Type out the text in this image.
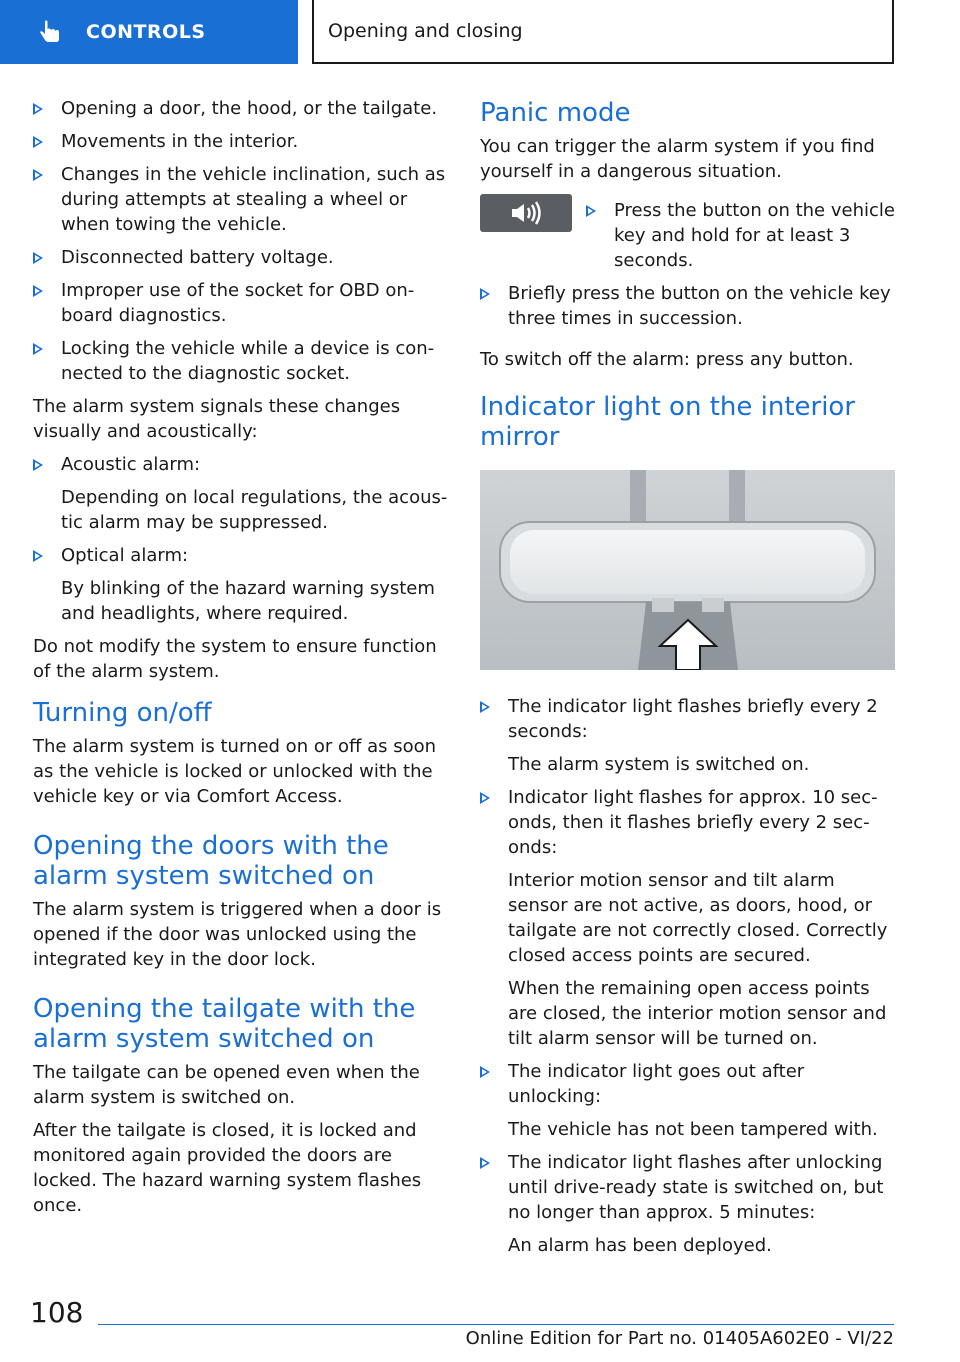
CONTROLS	Opening and closing
Opening a door, the hood, or the tailgate.
Movements in the interior.
Changes in the vehicle inclination, such as during attempts at stealing a wheel or when towing the vehicle.
Disconnected battery voltage.
Improper use of the socket for OBD on-board diagnostics.
Locking the vehicle while a device is connected to the diagnostic socket.

The alarm system signals these changes visually and acoustically:

Acoustic alarm:
Depending on local regulations, the acoustic alarm may be suppressed.
Optical alarm:
By blinking of the hazard warning system and headlights, where required.

Do not modify the system to ensure function of the alarm system.

Turning on/off

The alarm system is turned on or off as soon as the vehicle is locked or unlocked with the vehicle key or via Comfort Access.

Opening the doors with the alarm system switched on

The alarm system is triggered when a door is opened if the door was unlocked using the integrated key in the door lock.

Opening the tailgate with the alarm system switched on

The tailgate can be opened even when the alarm system is switched on.

After the tailgate is closed, it is locked and monitored again provided the doors are locked. The hazard warning system flashes once.

Panic mode

You can trigger the alarm system if you find yourself in a dangerous situation.

Press the button on the vehicle key and hold for at least 3 seconds.
Briefly press the button on the vehicle key three times in succession.

To switch off the alarm: press any button.

Indicator light on the interior mirror
The indicator light flashes briefly every 2 seconds:
The alarm system is switched on.
Indicator light flashes for approx. 10 seconds, then it flashes briefly every 2 seconds:
Interior motion sensor and tilt alarm sensor are not active, as doors, hood, or tailgate are not correctly closed. Correctly closed access points are secured.
When the remaining open access points are closed, the interior motion sensor and tilt alarm sensor will be turned on.
The indicator light goes out after unlocking:
The vehicle has not been tampered with.
The indicator light flashes after unlocking until drive-ready state is switched on, but no longer than approx. 5 minutes:
An alarm has been deployed.
108
Online Edition for Part no. 01405A602E0 - VI/22
